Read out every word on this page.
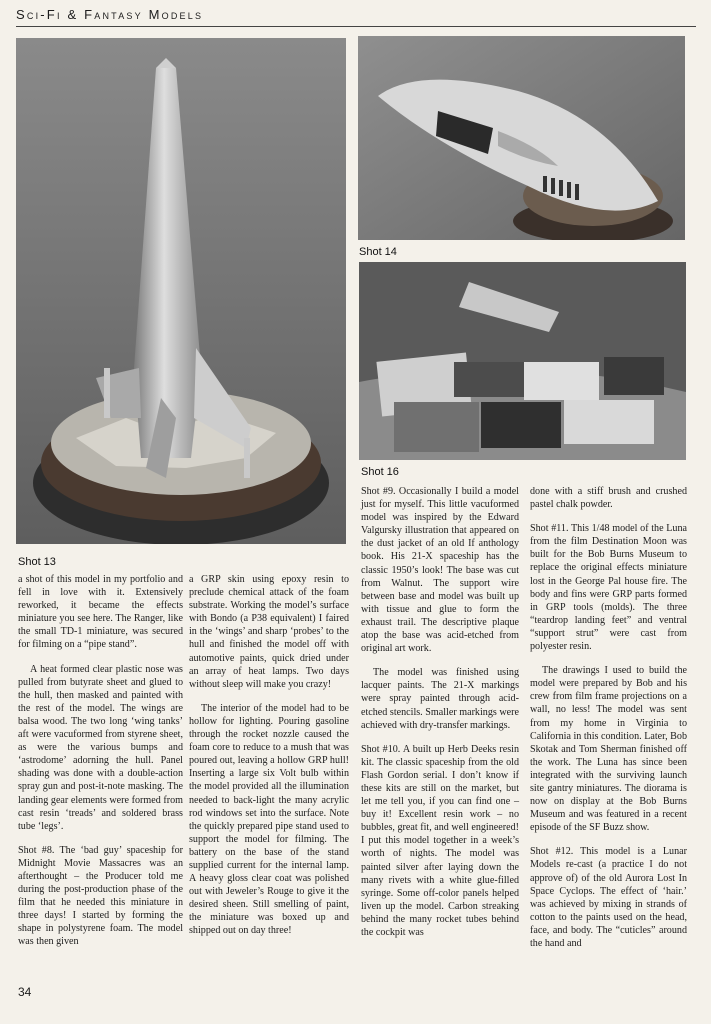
Sci-Fi & Fantasy Models
Shot 13
Shot 14
Shot 16

a shot of this model in my portfolio and fell in love with it. Extensively reworked, it became the effects miniature you see here. The Ranger, like the small TD-1 miniature, was secured for filming on a “pipe stand”.

A heat formed clear plastic nose was pulled from butyrate sheet and glued to the hull, then masked and painted with the rest of the model. The wings are balsa wood. The two long ‘wing tanks’ aft were vacuformed from styrene sheet, as were the various bumps and ‘astrodome’ adorning the hull. Panel shading was done with a double-action spray gun and post-it-note masking. The landing gear elements were formed from cast resin ‘treads’ and soldered brass tube ‘legs’.

Shot #8. The ‘bad guy’ spaceship for Midnight Movie Massacres was an afterthought – the Producer told me during the post-production phase of the film that he needed this miniature in three days! I started by forming the shape in polystyrene foam. The model was then given

a GRP skin using epoxy resin to preclude chemical attack of the foam substrate. Working the model’s surface with Bondo (a P38 equivalent) I faired in the ‘wings’ and sharp ‘probes’ to the hull and finished the model off with automotive paints, quick dried under an array of heat lamps. Two days without sleep will make you crazy!

The interior of the model had to be hollow for lighting. Pouring gasoline through the rocket nozzle caused the foam core to reduce to a mush that was poured out, leaving a hollow GRP hull! Inserting a large six Volt bulb within the model provided all the illumination needed to back-light the many acrylic rod windows set into the surface. Note the quickly prepared pipe stand used to support the model for filming. The battery on the base of the stand supplied current for the internal lamp. A heavy gloss clear coat was polished out with Jeweler’s Rouge to give it the desired sheen. Still smelling of paint, the miniature was boxed up and shipped out on day three!

Shot #9. Occasionally I build a model just for myself. This little vacuformed model was inspired by the Edward Valgursky illustration that appeared on the dust jacket of an old If anthology book. His 21-X spaceship has the classic 1950’s look! The base was cut from Walnut. The support wire between base and model was built up with tissue and glue to form the exhaust trail. The descriptive plaque atop the base was acid-etched from original art work.

The model was finished using lacquer paints. The 21-X markings were spray painted through acid-etched stencils. Smaller markings were achieved with dry-transfer markings.

Shot #10. A built up Herb Deeks resin kit. The classic spaceship from the old Flash Gordon serial. I don’t know if these kits are still on the market, but let me tell you, if you can find one – buy it! Excellent resin work – no bubbles, great fit, and well engineered! I put this model together in a week’s worth of nights. The model was painted silver after laying down the many rivets with a white glue-filled syringe. Some off-color panels helped liven up the model. Carbon streaking behind the many rocket tubes behind the cockpit was

done with a stiff brush and crushed pastel chalk powder.

Shot #11. This 1/48 model of the Luna from the film Destination Moon was built for the Bob Burns Museum to replace the original effects miniature lost in the George Pal house fire. The body and fins were GRP parts formed in GRP tools (molds). The three “teardrop landing feet” and ventral “support strut” were cast from polyester resin.

The drawings I used to build the model were prepared by Bob and his crew from film frame projections on a wall, no less! The model was sent from my home in Virginia to California in this condition. Later, Bob Skotak and Tom Sherman finished off the work. The Luna has since been integrated with the surviving launch site gantry miniatures. The diorama is now on display at the Bob Burns Museum and was featured in a recent episode of the SF Buzz show.

Shot #12. This model is a Lunar Models re-cast (a practice I do not approve of) of the old Aurora Lost In Space Cyclops. The effect of ‘hair.’ was achieved by mixing in strands of cotton to the paints used on the head, face, and body. The “cuticles” around the hand and

34
